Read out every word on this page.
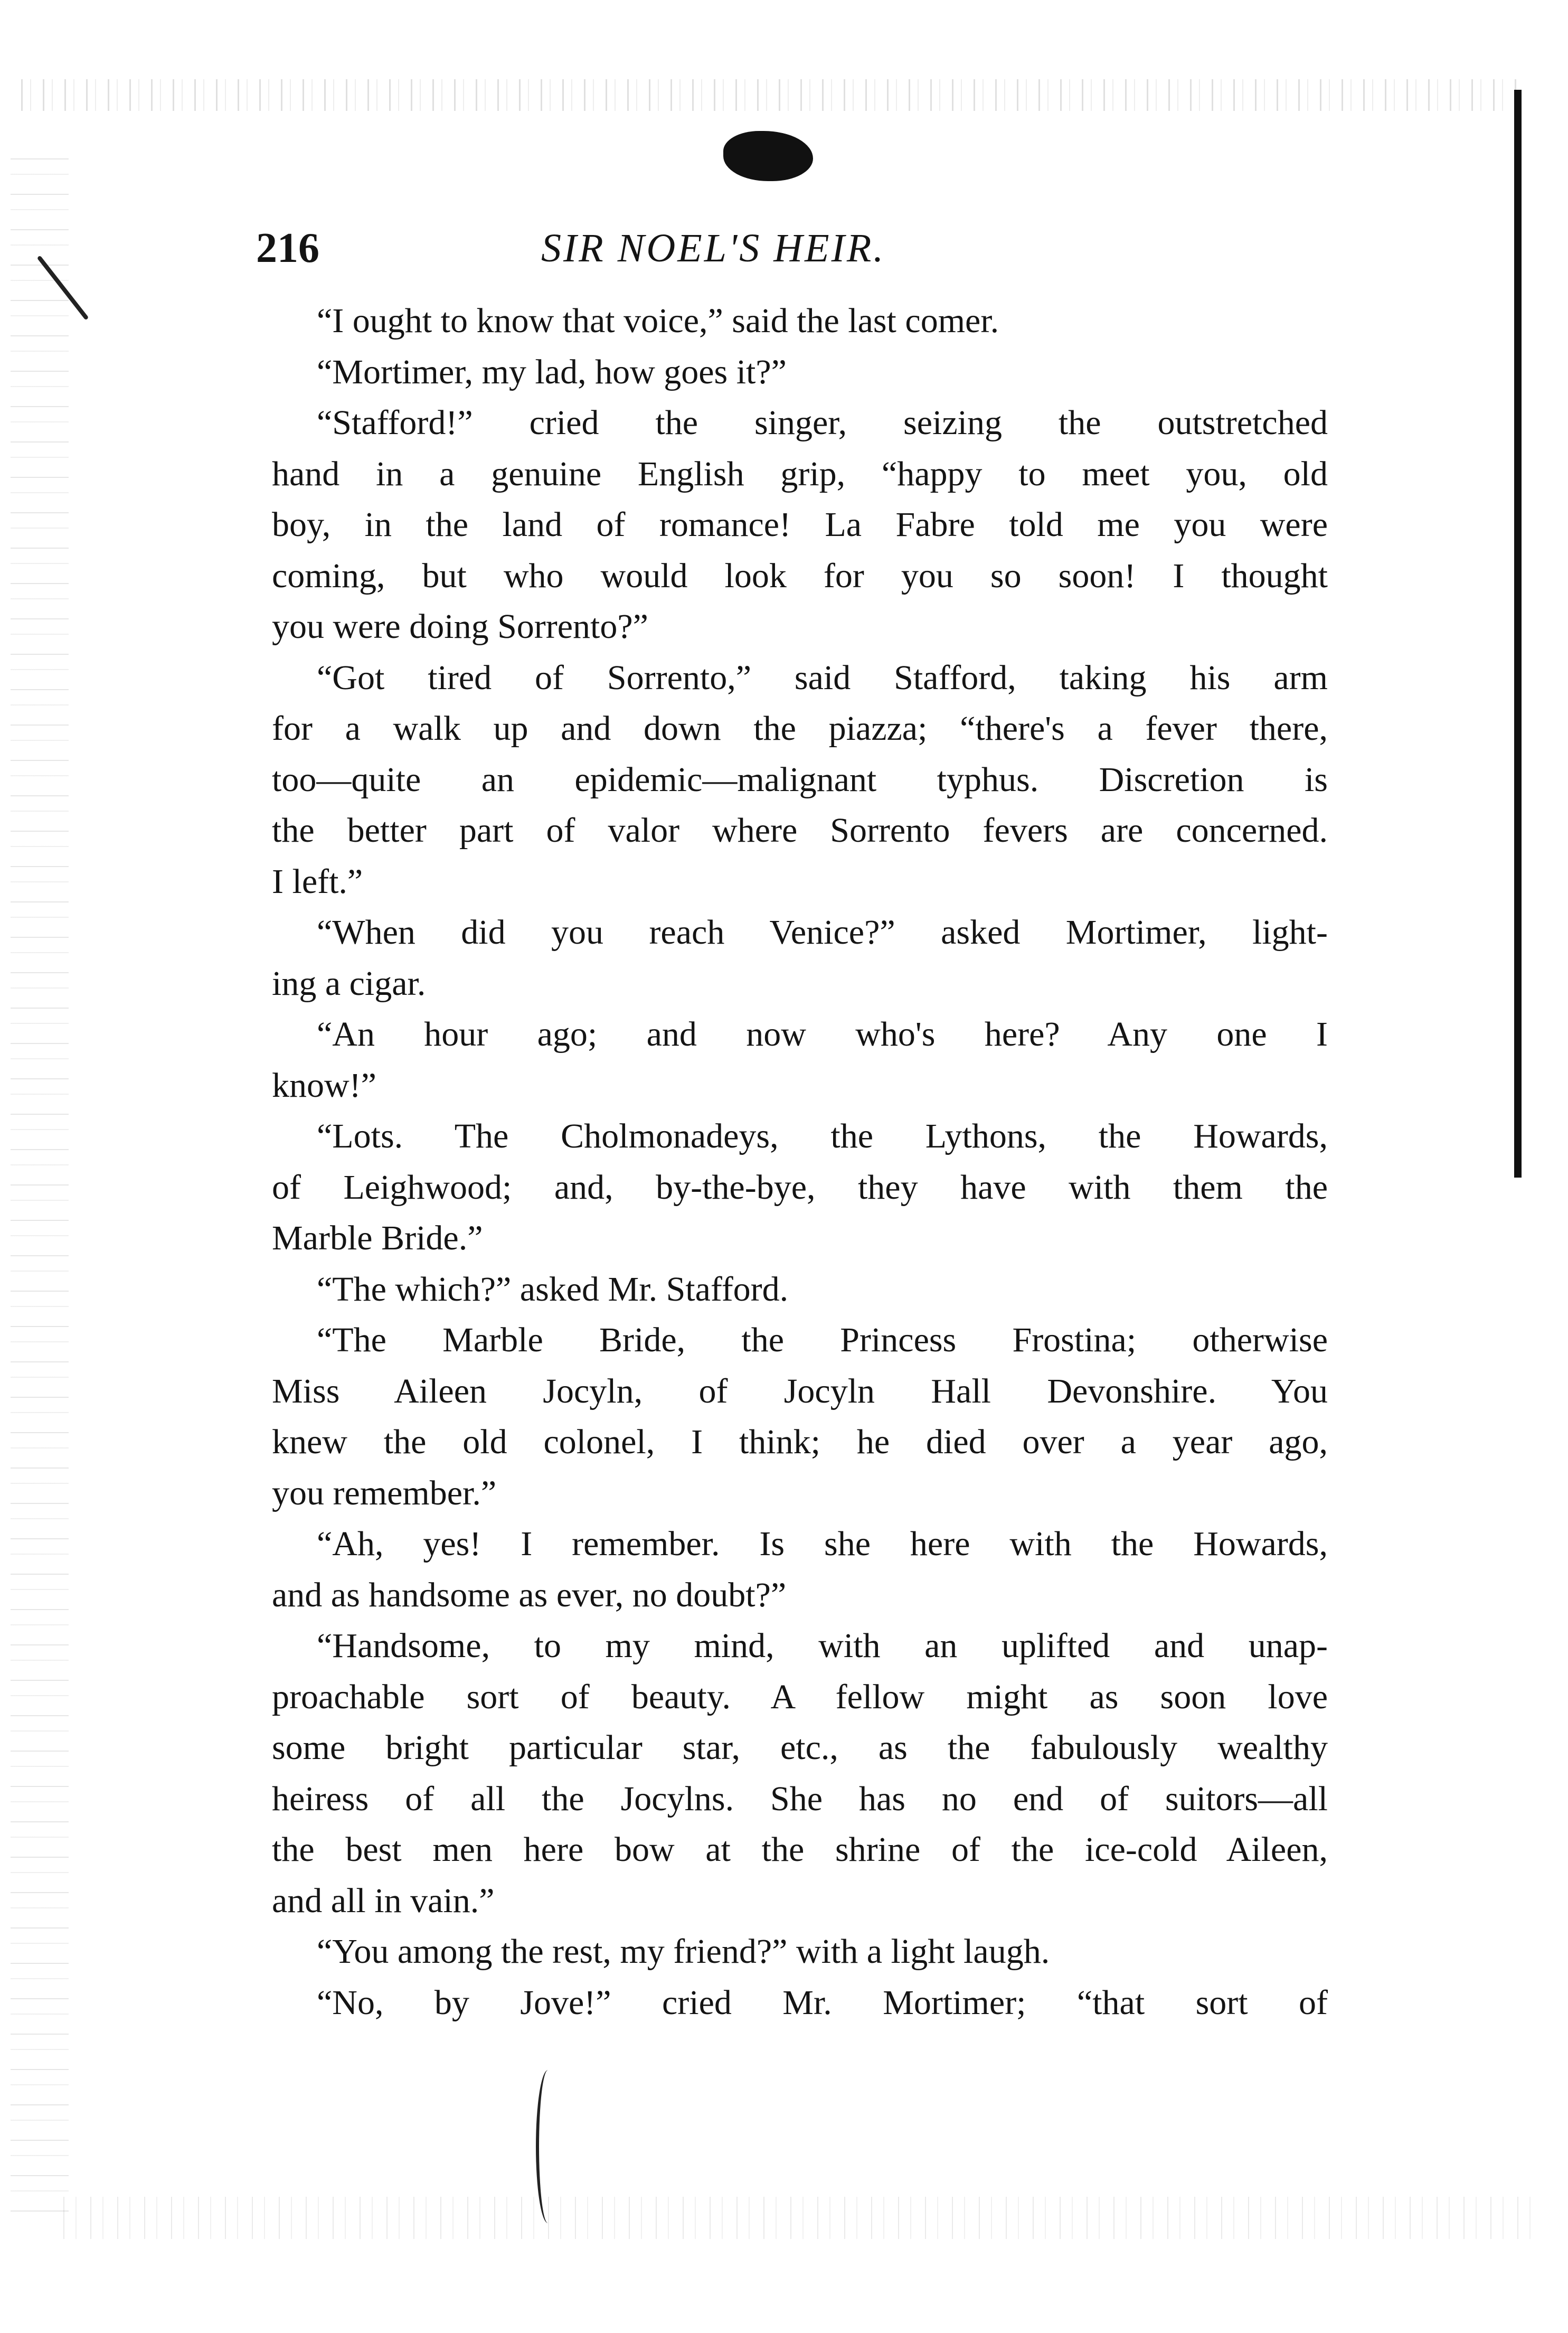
216	SIR NOEL'S HEIR.
“I ought to know that voice,” said the last comer.
“Mortimer, my lad, how goes it?”
“Stafford!” cried the singer, seizing the outstretched
hand in a genuine English grip, “happy to meet you, old
boy, in the land of romance! La Fabre told me you were
coming, but who would look for you so soon! I thought
you were doing Sorrento?”
“Got tired of Sorrento,” said Stafford, taking his arm
for a walk up and down the piazza; “there's a fever there,
too—quite an epidemic—malignant typhus. Discretion is
the better part of valor where Sorrento fevers are concerned.
I left.”
“When did you reach Venice?” asked Mortimer, light-
ing a cigar.
“An hour ago; and now who's here? Any one I
know!”
“Lots. The Cholmonadeys, the Lythons, the Howards,
of Leighwood; and, by-the-bye, they have with them the
Marble Bride.”
“The which?” asked Mr. Stafford.
“The Marble Bride, the Princess Frostina; otherwise
Miss Aileen Jocyln, of Jocyln Hall Devonshire. You
knew the old colonel, I think; he died over a year ago,
you remember.”
“Ah, yes! I remember. Is she here with the Howards,
and as handsome as ever, no doubt?”
“Handsome, to my mind, with an uplifted and unap-
proachable sort of beauty. A fellow might as soon love
some bright particular star, etc., as the fabulously wealthy
heiress of all the Jocylns. She has no end of suitors—all
the best men here bow at the shrine of the ice-cold Aileen,
and all in vain.”
“You among the rest, my friend?” with a light laugh.
“No, by Jove!” cried Mr. Mortimer; “that sort of
